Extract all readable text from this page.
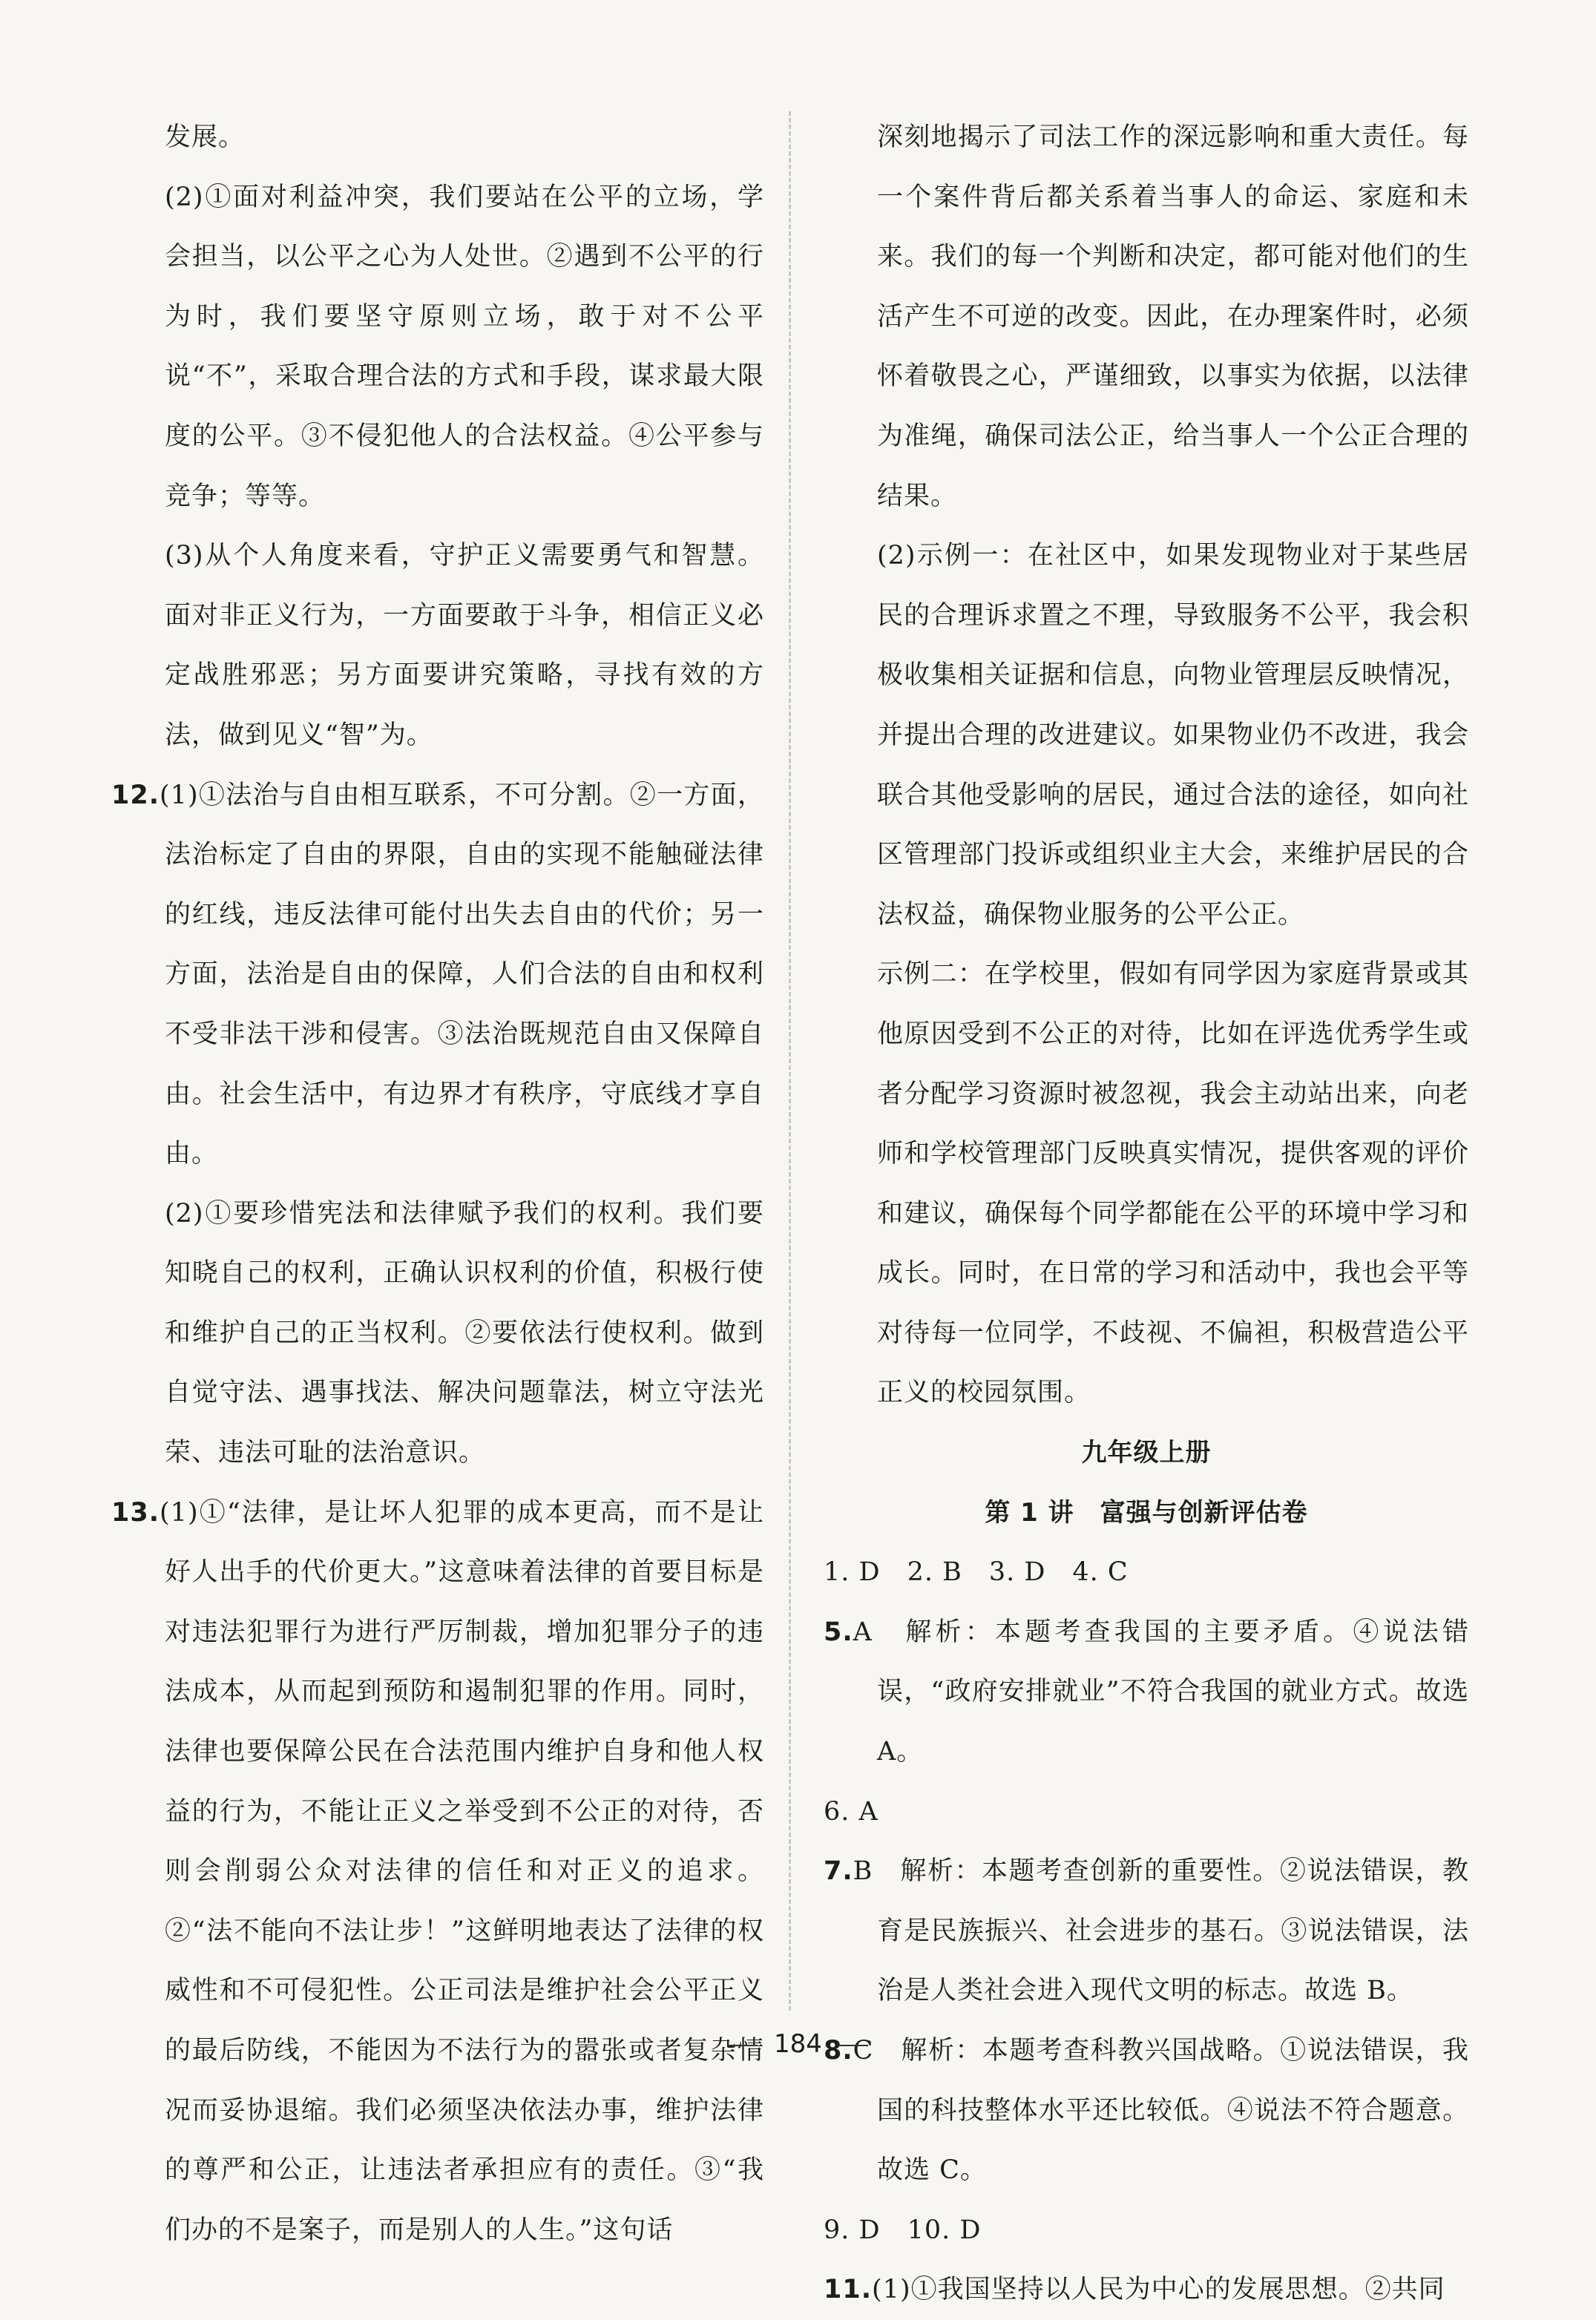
发展。

(2)①面对利益冲突，我们要站在公平的立场，学会担当，以公平之心为人处世。②遇到不公平的行为时，我们要坚守原则立场，敢于对不公平说“不”，采取合理合法的方式和手段，谋求最大限度的公平。③不侵犯他人的合法权益。④公平参与竞争；等等。

(3)从个人角度来看，守护正义需要勇气和智慧。面对非正义行为，一方面要敢于斗争，相信正义必定战胜邪恶；另方面要讲究策略，寻找有效的方法，做到见义“智”为。

12.(1)①法治与自由相互联系，不可分割。②一方面，法治标定了自由的界限，自由的实现不能触碰法律的红线，违反法律可能付出失去自由的代价；另一方面，法治是自由的保障，人们合法的自由和权利不受非法干涉和侵害。③法治既规范自由又保障自由。社会生活中，有边界才有秩序，守底线才享自由。

(2)①要珍惜宪法和法律赋予我们的权利。我们要知晓自己的权利，正确认识权利的价值，积极行使和维护自己的正当权利。②要依法行使权利。做到自觉守法、遇事找法、解决问题靠法，树立守法光荣、违法可耻的法治意识。

13.(1)①“法律，是让坏人犯罪的成本更高，而不是让好人出手的代价更大。”这意味着法律的首要目标是对违法犯罪行为进行严厉制裁，增加犯罪分子的违法成本，从而起到预防和遏制犯罪的作用。同时，法律也要保障公民在合法范围内维护自身和他人权益的行为，不能让正义之举受到不公正的对待，否则会削弱公众对法律的信任和对正义的追求。②“法不能向不法让步！”这鲜明地表达了法律的权威性和不可侵犯性。公正司法是维护社会公平正义的最后防线，不能因为不法行为的嚣张或者复杂情况而妥协退缩。我们必须坚决依法办事，维护法律的尊严和公正，让违法者承担应有的责任。③“我们办的不是案子，而是别人的人生。”这句话

深刻地揭示了司法工作的深远影响和重大责任。每一个案件背后都关系着当事人的命运、家庭和未来。我们的每一个判断和决定，都可能对他们的生活产生不可逆的改变。因此，在办理案件时，必须怀着敬畏之心，严谨细致，以事实为依据，以法律为准绳，确保司法公正，给当事人一个公正合理的结果。

(2)示例一：在社区中，如果发现物业对于某些居民的合理诉求置之不理，导致服务不公平，我会积极收集相关证据和信息，向物业管理层反映情况，并提出合理的改进建议。如果物业仍不改进，我会联合其他受影响的居民，通过合法的途径，如向社区管理部门投诉或组织业主大会，来维护居民的合法权益，确保物业服务的公平公正。

示例二：在学校里，假如有同学因为家庭背景或其他原因受到不公正的对待，比如在评选优秀学生或者分配学习资源时被忽视，我会主动站出来，向老师和学校管理部门反映真实情况，提供客观的评价和建议，确保每个同学都能在公平的环境中学习和成长。同时，在日常的学习和活动中，我也会平等对待每一位同学，不歧视、不偏袒，积极营造公平正义的校园氛围。

九年级上册

第 1 讲　富强与创新评估卷

1. D　2. B　3. D　4. C

5.A　解析：本题考查我国的主要矛盾。④说法错误，“政府安排就业”不符合我国的就业方式。故选 A。

6. A

7.B　解析：本题考查创新的重要性。②说法错误，教育是民族振兴、社会进步的基石。③说法错误，法治是人类社会进入现代文明的标志。故选 B。

8.C　解析：本题考查科教兴国战略。①说法错误，我国的科技整体水平还比较低。④说法不符合题意。故选 C。

9. D　10. D

11.(1)①我国坚持以人民为中心的发展思想。②共同

184
